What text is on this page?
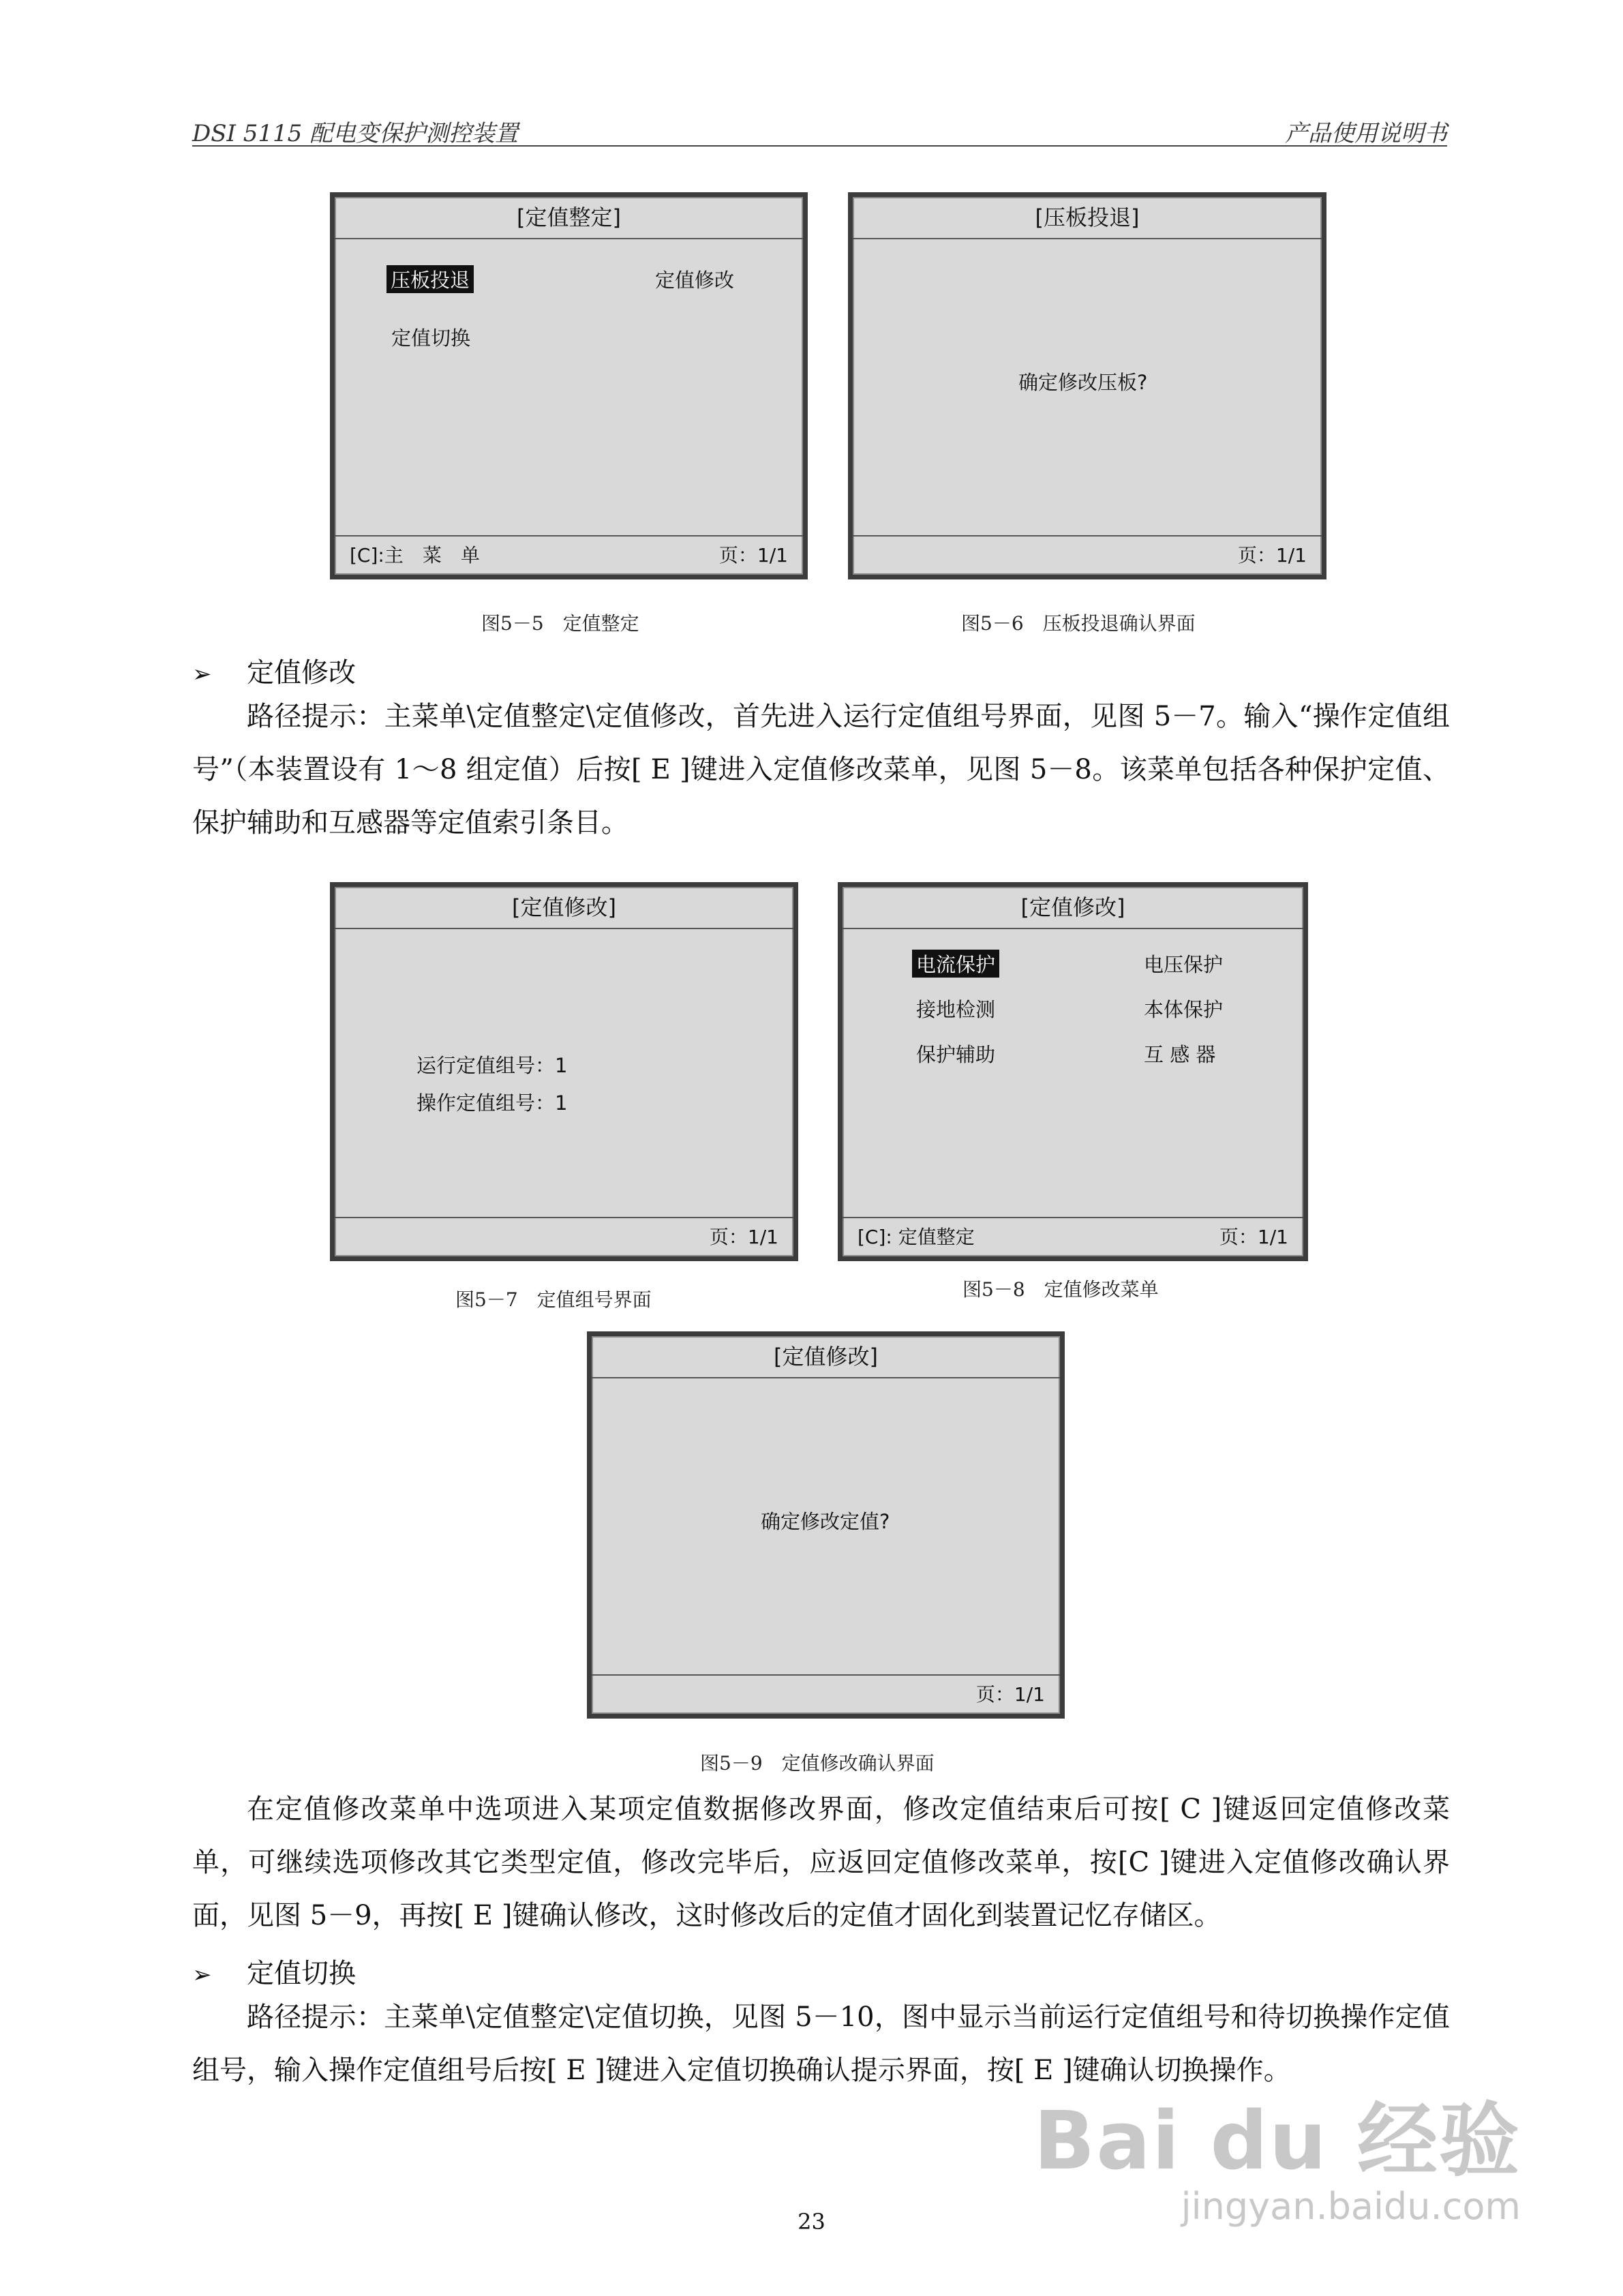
DSI 5115 配电变保护测控装置	产品使用说明书
[定值整定]
压板投退	定值修改
定值切换
[C]:主　菜　单	页：1/1
图5－5　定值整定
[压板投退]
确定修改压板?
页：1/1
图5－6　压板投退确认界面
➢ 定值修改

路径提示：主菜单\定值整定\定值修改，首先进入运行定值组号界面，见图 5－7。输入“操作定值组号”（本装置设有 1～8 组定值）后按[ E ]键进入定值修改菜单，见图 5－8。该菜单包括各种保护定值、保护辅助和互感器等定值索引条目。

[定值修改]
运行定值组号：1
操作定值组号：1
页：1/1
图5－7　定值组号界面
[定值修改]
电流保护	电压保护
接地检测	本体保护
保护辅助	互 感 器
[C]: 定值整定	页：1/1
图5－8　定值修改菜单
[定值修改]
确定修改定值?
页：1/1
图5－9　定值修改确认界面

在定值修改菜单中选项进入某项定值数据修改界面，修改定值结束后可按[ C ]键返回定值修改菜单，可继续选项修改其它类型定值，修改完毕后，应返回定值修改菜单，按[C ]键进入定值修改确认界面，见图 5－9，再按[ E ]键确认修改，这时修改后的定值才固化到装置记忆存储区。

➢ 定值切换

路径提示：主菜单\定值整定\定值切换，见图 5－10，图中显示当前运行定值组号和待切换操作定值组号，输入操作定值组号后按[ E ]键进入定值切换确认提示界面，按[ E ]键确认切换操作。

23
Bai du 经验
jingyan.baidu.com
